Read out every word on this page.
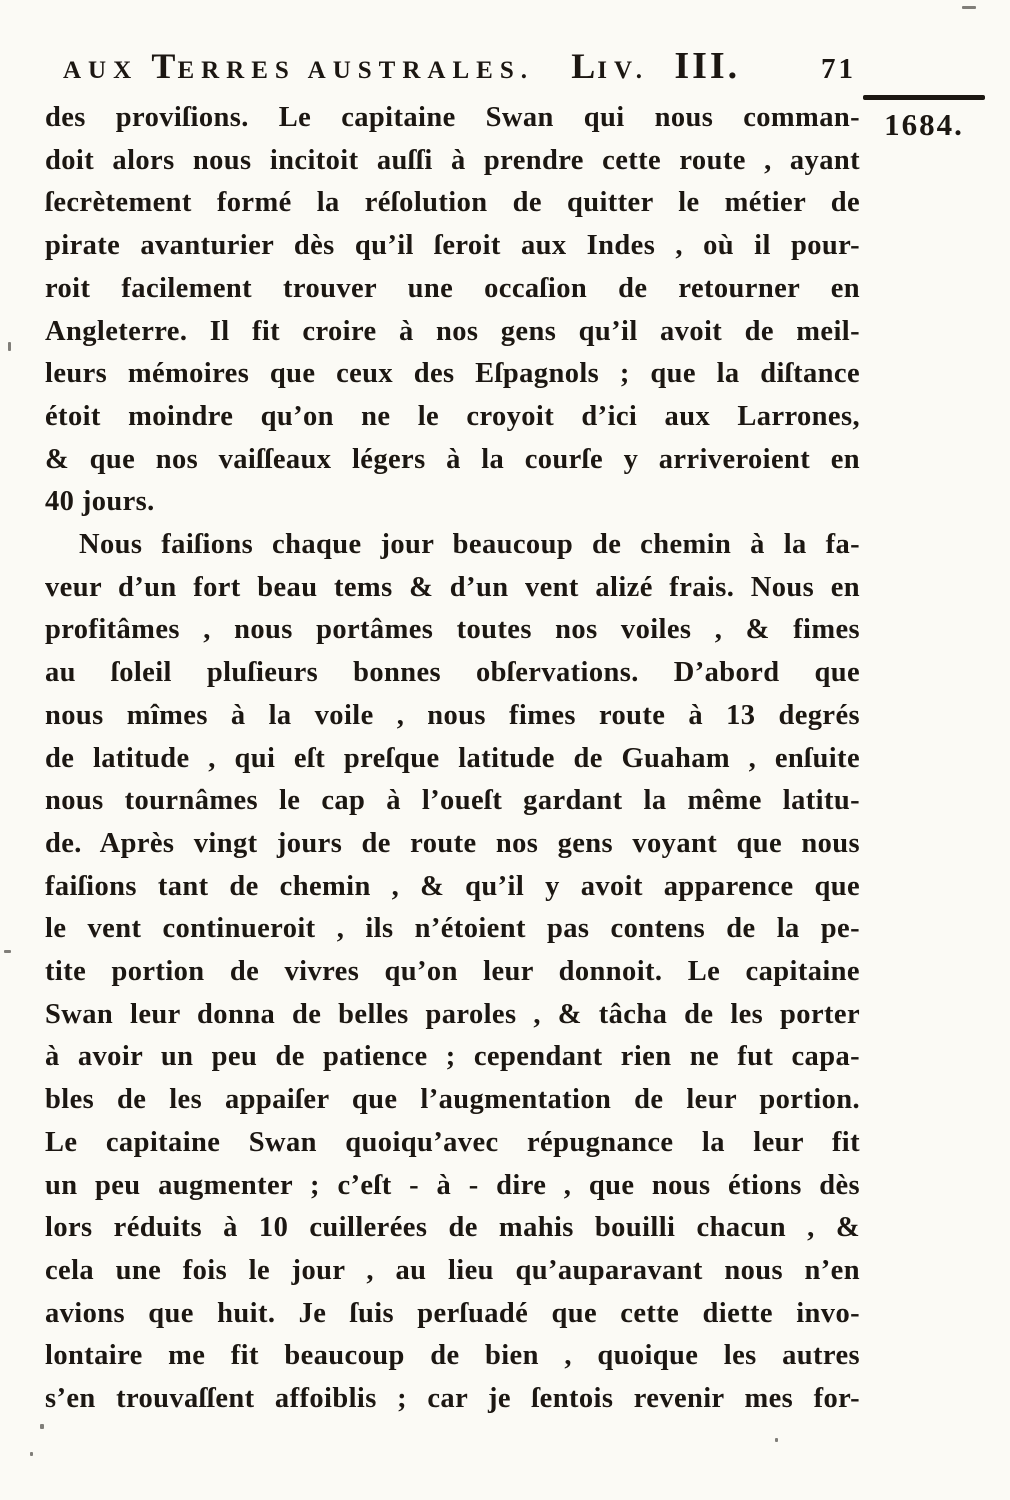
AUX TERRES AUSTRALES. LIV. III.	71
1684.
des proviſions. Le capitaine Swan qui nous comman-
doit alors nous incitoit auſſi à prendre cette route , ayant
ſecrètement formé la réſolution de quitter le métier de
pirate avanturier dès qu’il ſeroit aux Indes , où il pour-
roit facilement trouver une occaſion de retourner en
Angleterre. Il fit croire à nos gens qu’il avoit de meil-
leurs mémoires que ceux des Eſpagnols ; que la diſtance
étoit moindre qu’on ne le croyoit d’ici aux Larrones,
& que nos vaiſſeaux légers à la courſe y arriveroient en
40 jours.
Nous faiſions chaque jour beaucoup de chemin à la fa-
veur d’un fort beau tems & d’un vent alizé frais. Nous en
profitâmes , nous portâmes toutes nos voiles , & fimes
au ſoleil pluſieurs bonnes obſervations. D’abord que
nous mîmes à la voile , nous fimes route à 13 degrés
de latitude , qui eſt preſque latitude de Guaham , enſuite
nous tournâmes le cap à l’oueſt gardant la même latitu-
de. Après vingt jours de route nos gens voyant que nous
faiſions tant de chemin , & qu’il y avoit apparence que
le vent continueroit , ils n’étoient pas contens de la pe-
tite portion de vivres qu’on leur donnoit. Le capitaine
Swan leur donna de belles paroles , & tâcha de les porter
à avoir un peu de patience ; cependant rien ne fut capa-
bles de les appaiſer que l’augmentation de leur portion.
Le capitaine Swan quoiqu’avec répugnance la leur fit
un peu augmenter ; c’eſt - à - dire , que nous étions dès
lors réduits à 10 cuillerées de mahis bouilli chacun , &
cela une fois le jour , au lieu qu’auparavant nous n’en
avions que huit. Je ſuis perſuadé que cette diette invo-
lontaire me fit beaucoup de bien , quoique les autres
s’en trouvaſſent affoiblis ; car je ſentois revenir mes for-
